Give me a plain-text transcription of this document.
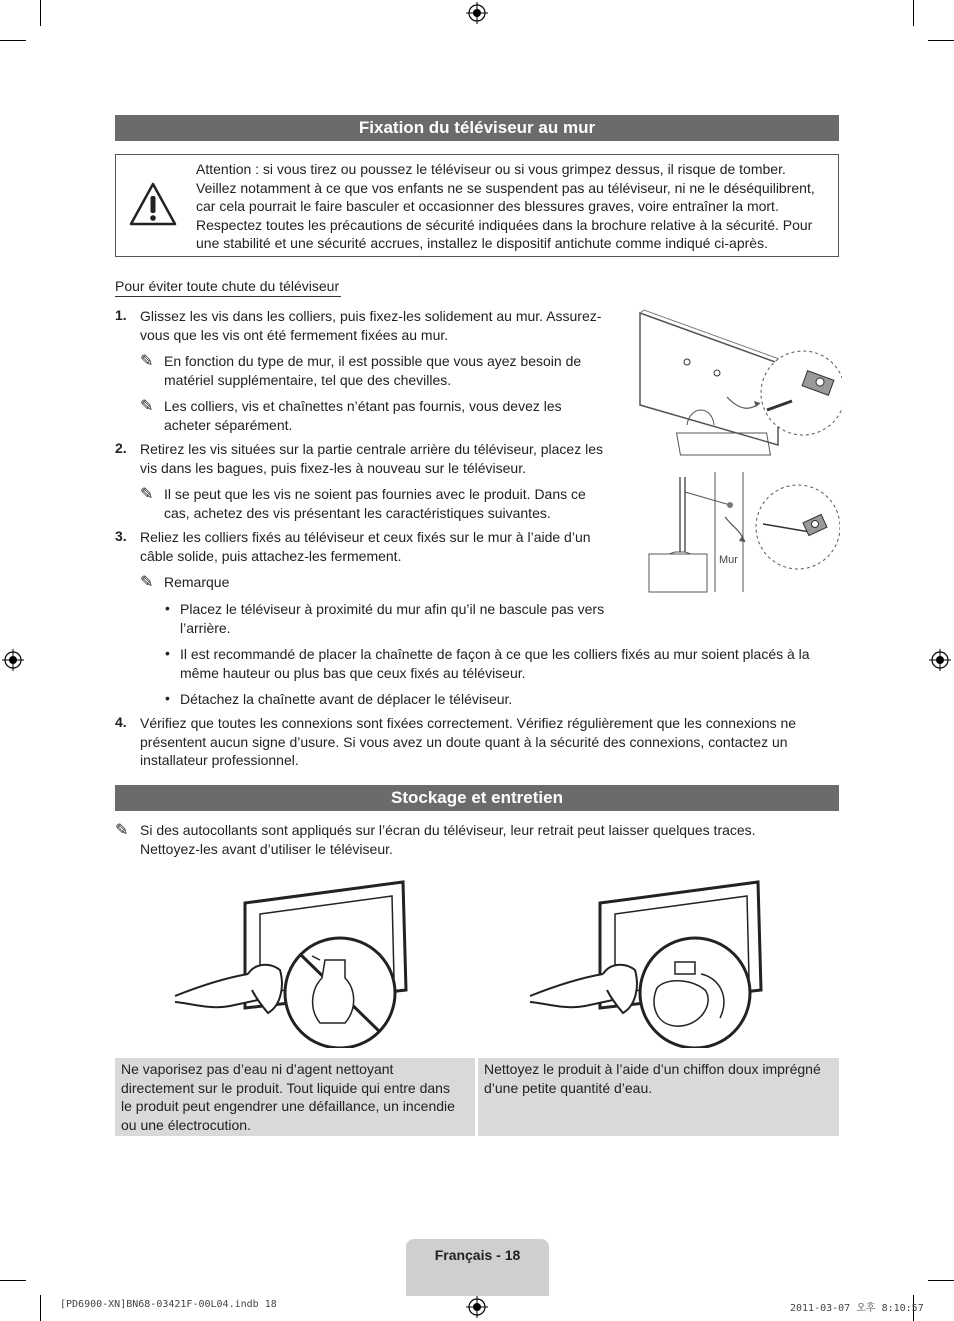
Fixation du téléviseur au mur
Attention : si vous tirez ou poussez le téléviseur ou si vous grimpez dessus, il risque de tomber.
Veillez notamment à ce que vos enfants ne se suspendent pas au téléviseur, ni ne le déséquilibrent,
car cela pourrait le faire basculer et occasionner des blessures graves, voire entraîner la mort.
Respectez toutes les précautions de sécurité indiquées dans la brochure relative à la sécurité. Pour
une stabilité et une sécurité accrues, installez le dispositif antichute comme indiqué ci-après.
Pour éviter toute chute du téléviseur
1. Glissez les vis dans les colliers, puis fixez-les solidement au mur. Assurez-
vous que les vis ont été fermement fixées au mur.
✎ En fonction du type de mur, il est possible que vous ayez besoin de
matériel supplémentaire, tel que des chevilles.
✎ Les colliers, vis et chaînettes n’étant pas fournis, vous devez les
acheter séparément.
2. Retirez les vis situées sur la partie centrale arrière du téléviseur, placez les
vis dans les bagues, puis fixez-les à nouveau sur le téléviseur.
✎ Il se peut que les vis ne soient pas fournies avec le produit. Dans ce
cas, achetez des vis présentant les caractéristiques suivantes.
3. Reliez les colliers fixés au téléviseur et ceux fixés sur le mur à l’aide d’un
câble solide, puis attachez-les fermement.
✎ Remarque
• Placez le téléviseur à proximité du mur afin qu’il ne bascule pas vers
l’arrière.
• Il est recommandé de placer la chaînette de façon à ce que les colliers fixés au mur soient placés à la
même hauteur ou plus bas que ceux fixés au téléviseur.
• Détachez la chaînette avant de déplacer le téléviseur.
4. Vérifiez que toutes les connexions sont fixées correctement. Vérifiez régulièrement que les connexions ne
présentent aucun signe d’usure. Si vous avez un doute quant à la sécurité des connexions, contactez un
installateur professionnel.
Mur
Stockage et entretien
✎ Si des autocollants sont appliqués sur l’écran du téléviseur, leur retrait peut laisser quelques traces.
Nettoyez-les avant d’utiliser le téléviseur.
Ne vaporisez pas d’eau ni d’agent nettoyant
directement sur le produit. Tout liquide qui entre dans
le produit peut engendrer une défaillance, un incendie
ou une électrocution.
Nettoyez le produit à l’aide d’un chiffon doux imprégné
d’une petite quantité d’eau.
Français - 18
[PD6900-XN]BN68-03421F-00L04.indb 18	2011-03-07 오후 8:10:57
